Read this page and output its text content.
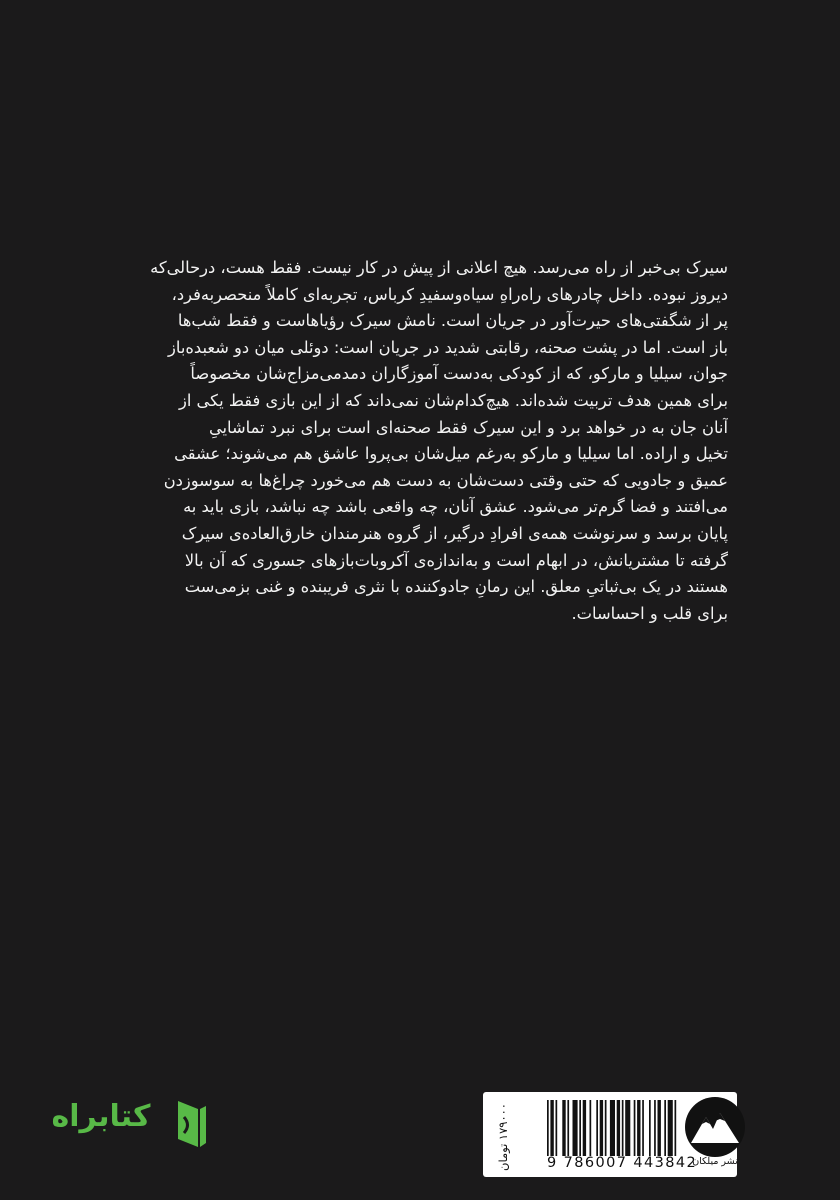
سیرک بی‌خبر از راه می‌رسد. هیچ اعلانی از پیش در کار نیست. فقط هست، درحالی‌که
دیروز نبوده. داخل چادرهای راه‌راهِ سیاه‌وسفیدِ کرباس، تجربه‌ای کاملاً منحصربه‌فرد،
پر از شگفتی‌های حیرت‌آور در جریان است. نامش سیرک رؤیاهاست و فقط شب‌ها
باز است. اما در پشت صحنه، رقابتی شدید در جریان است: دوئلی میان دو شعبده‌باز
جوان، سیلیا و مارکو، که از کودکی به‌دست آموزگاران دمدمی‌مزاج‌شان مخصوصاً
برای همین هدف تربیت شده‌اند. هیچ‌کدام‌شان نمی‌داند که از این بازی فقط یکی از
آنان جان به در خواهد برد و این سیرک فقط صحنه‌ای است برای نبرد تماشاییِ
تخیل و اراده. اما سیلیا و مارکو به‌رغم میل‌شان بی‌پروا عاشق هم می‌شوند؛ عشقی
عمیق و جادویی که حتی وقتی دست‌شان به دست هم می‌خورد چراغ‌ها به سوسوزدن
می‌افتند و فضا گرم‌تر می‌شود. عشق آنان، چه واقعی باشد چه نباشد، بازی باید به
پایان برسد و سرنوشت همه‌ی افرادِ درگیر، از گروه هنرمندان خارق‌العاده‌ی سیرک
گرفته تا مشتریانش، در ابهام است و به‌اندازه‌ی آکروبات‌بازهای جسوری که آن بالا
هستند در یک بی‌ثباتیِ معلق. این رمانِ جادوکننده با نثری فریبنده و غنی بزمی‌ست
برای قلب و احساسات.
کتابراه
۱۷۹۰۰۰ تومان
9 786007 443842
نشر میلکان
